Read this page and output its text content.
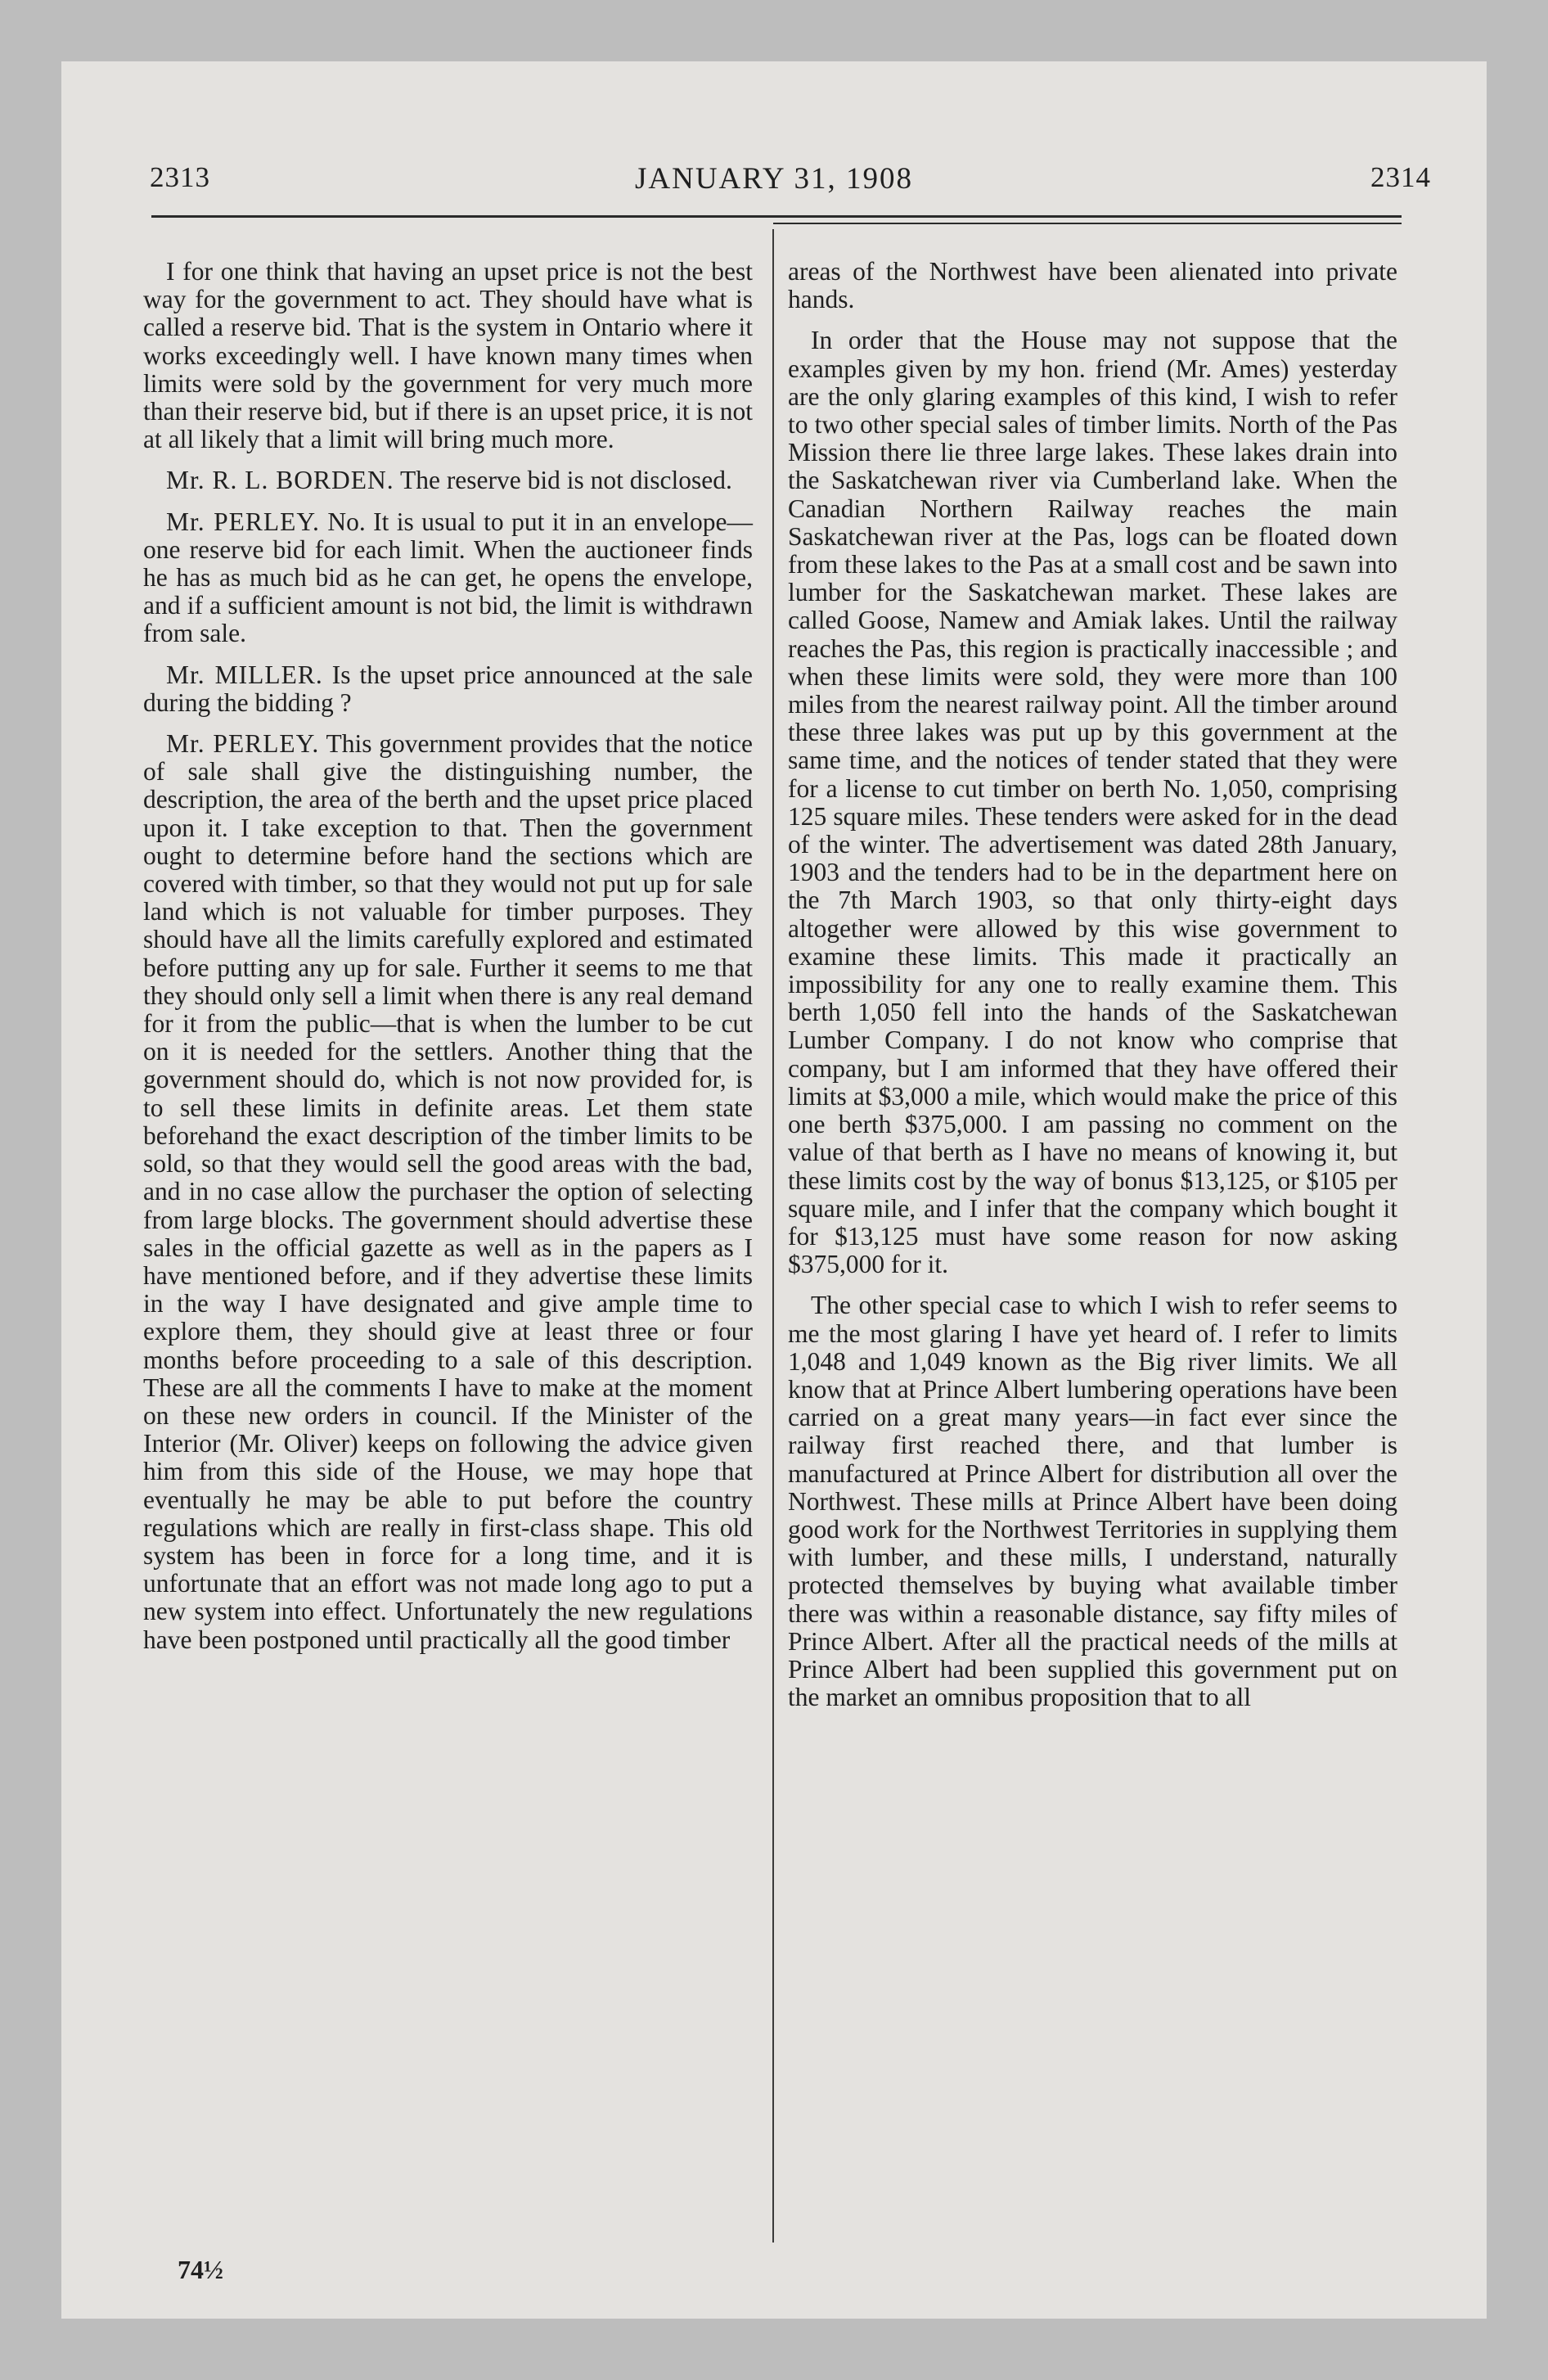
2313	JANUARY 31, 1908	2314

I for one think that having an upset price is not the best way for the government to act. They should have what is called a reserve bid. That is the system in Ontario where it works exceedingly well. I have known many times when limits were sold by the government for very much more than their reserve bid, but if there is an upset price, it is not at all likely that a limit will bring much more.

Mr. R. L. BORDEN. The reserve bid is not disclosed.

Mr. PERLEY. No. It is usual to put it in an envelope—one reserve bid for each limit. When the auctioneer finds he has as much bid as he can get, he opens the envelope, and if a sufficient amount is not bid, the limit is withdrawn from sale.

Mr. MILLER. Is the upset price announced at the sale during the bidding ?

Mr. PERLEY. This government provides that the notice of sale shall give the distinguishing number, the description, the area of the berth and the upset price placed upon it. I take exception to that. Then the government ought to determine before hand the sections which are covered with timber, so that they would not put up for sale land which is not valuable for timber purposes. They should have all the limits carefully explored and estimated before putting any up for sale. Further it seems to me that they should only sell a limit when there is any real demand for it from the public—that is when the lumber to be cut on it is needed for the settlers. Another thing that the government should do, which is not now provided for, is to sell these limits in definite areas. Let them state beforehand the exact description of the timber limits to be sold, so that they would sell the good areas with the bad, and in no case allow the purchaser the option of selecting from large blocks. The government should advertise these sales in the official gazette as well as in the papers as I have mentioned before, and if they advertise these limits in the way I have designated and give ample time to explore them, they should give at least three or four months before proceeding to a sale of this description. These are all the comments I have to make at the moment on these new orders in council. If the Minister of the Interior (Mr. Oliver) keeps on following the advice given him from this side of the House, we may hope that eventually he may be able to put before the country regulations which are really in first-class shape. This old system has been in force for a long time, and it is unfortunate that an effort was not made long ago to put a new system into effect. Unfortunately the new regulations have been postponed until practically all the good timber

areas of the Northwest have been alienated into private hands.

In order that the House may not suppose that the examples given by my hon. friend (Mr. Ames) yesterday are the only glaring examples of this kind, I wish to refer to two other special sales of timber limits. North of the Pas Mission there lie three large lakes. These lakes drain into the Saskatchewan river via Cumberland lake. When the Canadian Northern Railway reaches the main Saskatchewan river at the Pas, logs can be floated down from these lakes to the Pas at a small cost and be sawn into lumber for the Saskatchewan market. These lakes are called Goose, Namew and Amiak lakes. Until the railway reaches the Pas, this region is practically inaccessible ; and when these limits were sold, they were more than 100 miles from the nearest railway point. All the timber around these three lakes was put up by this government at the same time, and the notices of tender stated that they were for a license to cut timber on berth No. 1,050, comprising 125 square miles. These tenders were asked for in the dead of the winter. The advertisement was dated 28th January, 1903 and the tenders had to be in the department here on the 7th March 1903, so that only thirty-eight days altogether were allowed by this wise government to examine these limits. This made it practically an impossibility for any one to really examine them. This berth 1,050 fell into the hands of the Saskatchewan Lumber Company. I do not know who comprise that company, but I am informed that they have offered their limits at $3,000 a mile, which would make the price of this one berth $375,000. I am passing no comment on the value of that berth as I have no means of knowing it, but these limits cost by the way of bonus $13,125, or $105 per square mile, and I infer that the company which bought it for $13,125 must have some reason for now asking $375,000 for it.

The other special case to which I wish to refer seems to me the most glaring I have yet heard of. I refer to limits 1,048 and 1,049 known as the Big river limits. We all know that at Prince Albert lumbering operations have been carried on a great many years—in fact ever since the railway first reached there, and that lumber is manufactured at Prince Albert for distribution all over the Northwest. These mills at Prince Albert have been doing good work for the Northwest Territories in supplying them with lumber, and these mills, I understand, naturally protected themselves by buying what available timber there was within a reasonable distance, say fifty miles of Prince Albert. After all the practical needs of the mills at Prince Albert had been supplied this government put on the market an omnibus proposition that to all

74½
